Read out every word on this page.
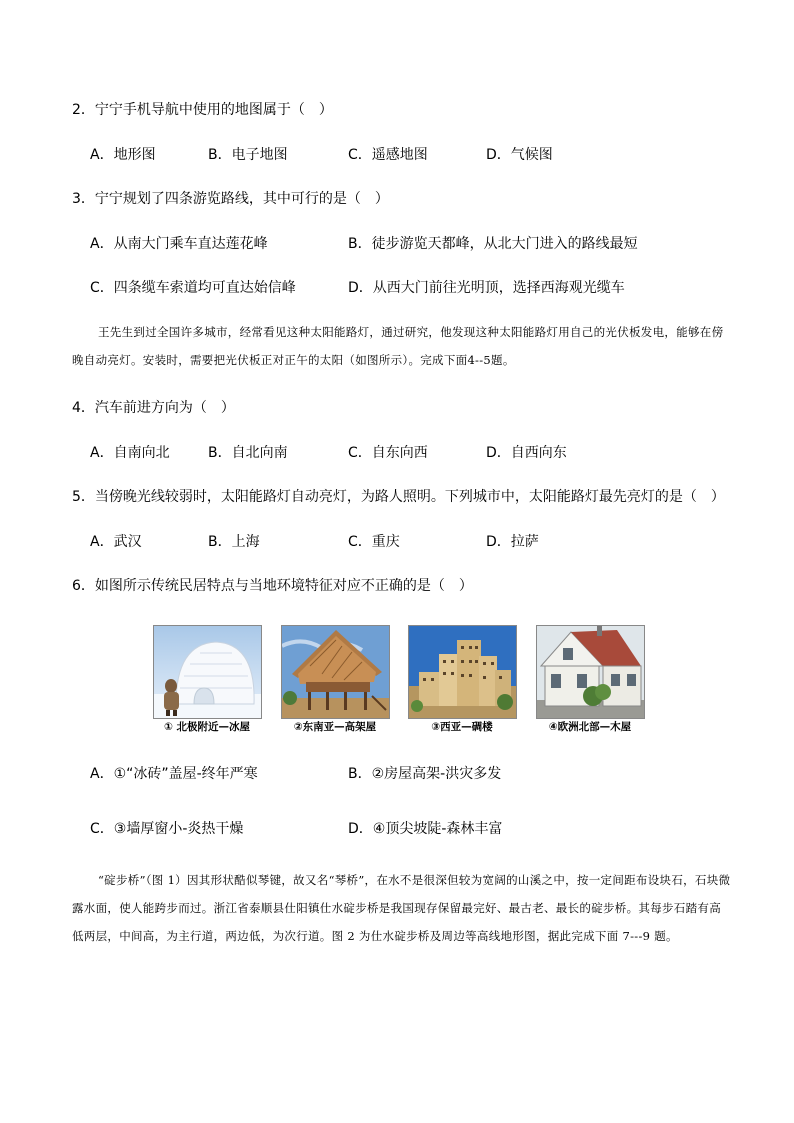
2．宁宁手机导航中使用的地图属于（　）
A．地形图	B．电子地图	C．遥感地图	D．气候图
3．宁宁规划了四条游览路线，其中可行的是（　）
A．从南大门乘车直达莲花峰	B．徒步游览天都峰，从北大门进入的路线最短
C．四条缆车索道均可直达始信峰	D．从西大门前往光明顶，选择西海观光缆车
王先生到过全国许多城市，经常看见这种太阳能路灯，通过研究，他发现这种太阳能路灯用自己的光伏板发电，能够在傍晚自动亮灯。安装时，需要把光伏板正对正午的太阳（如图所示）。完成下面4--5题。
4．汽车前进方向为（　）
A．自南向北	B．自北向南	C．自东向西	D．自西向东
5．当傍晚光线较弱时，太阳能路灯自动亮灯，为路人照明。下列城市中，太阳能路灯最先亮灯的是（　）
A．武汉	B．上海	C．重庆	D．拉萨
6．如图所示传统民居特点与当地环境特征对应不正确的是（　）
① 北极附近—冰屋	②东南亚—高架屋	③西亚—碉楼	④欧洲北部—木屋
A．①“冰砖”盖屋-终年严寒	B．②房屋高架-洪灾多发
C．③墙厚窗小-炎热干燥	D．④顶尖坡陡-森林丰富
“碇步桥”（图 1）因其形状酷似琴键，故又名“琴桥”，在水不是很深但较为宽阔的山溪之中，按一定间距布设块石，石块微露水面，使人能跨步而过。浙江省泰顺县仕阳镇仕水碇步桥是我国现存保留最完好、最古老、最长的碇步桥。其每步石踏有高低两层，中间高，为主行道，两边低，为次行道。图 2 为仕水碇步桥及周边等高线地形图，据此完成下面 7---9 题。
